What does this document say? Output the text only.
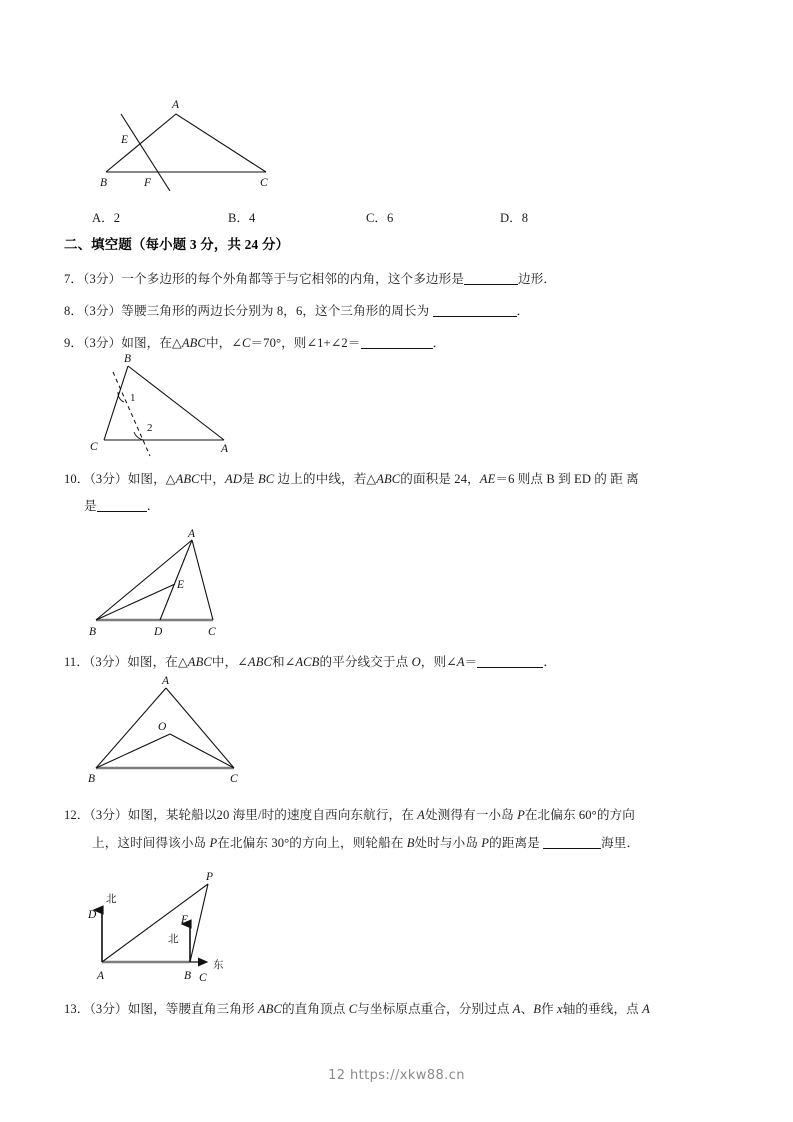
A
E
B	F	C
A．2	B．4	C．6	D．8
二、填空题（每小题 3 分，共 24 分）
7．（3分）一个多边形的每个外角都等于与它相邻的内角，这个多边形是	边形．
8．（3分）等腰三角形的两边长分别为 8，6，这个三角形的周长为	．
9．（3分）如图，在△ABC中，∠C＝70°，则∠1+∠2＝	．
B
C	A
1
2
10．（3分）如图，△ABC中，AD是 BC 边上的中线，若△ABC的面积是 24，AE＝6 则点 B 到 ED 的 距 离
是	．
A
E
B	D	C
11．（3分）如图，在△ABC中，∠ABC和∠ACB的平分线交于点 O，则∠A＝	．
A
O
B	C
12．（3分）如图，某轮船以20 海里/时的速度自西向东航行，在 A处测得有一小岛 P在北偏东 60°的方向
上，这时间得该小岛 P在北偏东 30°的方向上，则轮船在 B处时与小岛 P的距离是	海里．
P
D	E
A	B C
北
北
东
13．（3分）如图，等腰直角三角形 ABC的直角顶点 C与坐标原点重合，分别过点 A、B作 x轴的垂线，点 A
12 https://xkw88.cn
